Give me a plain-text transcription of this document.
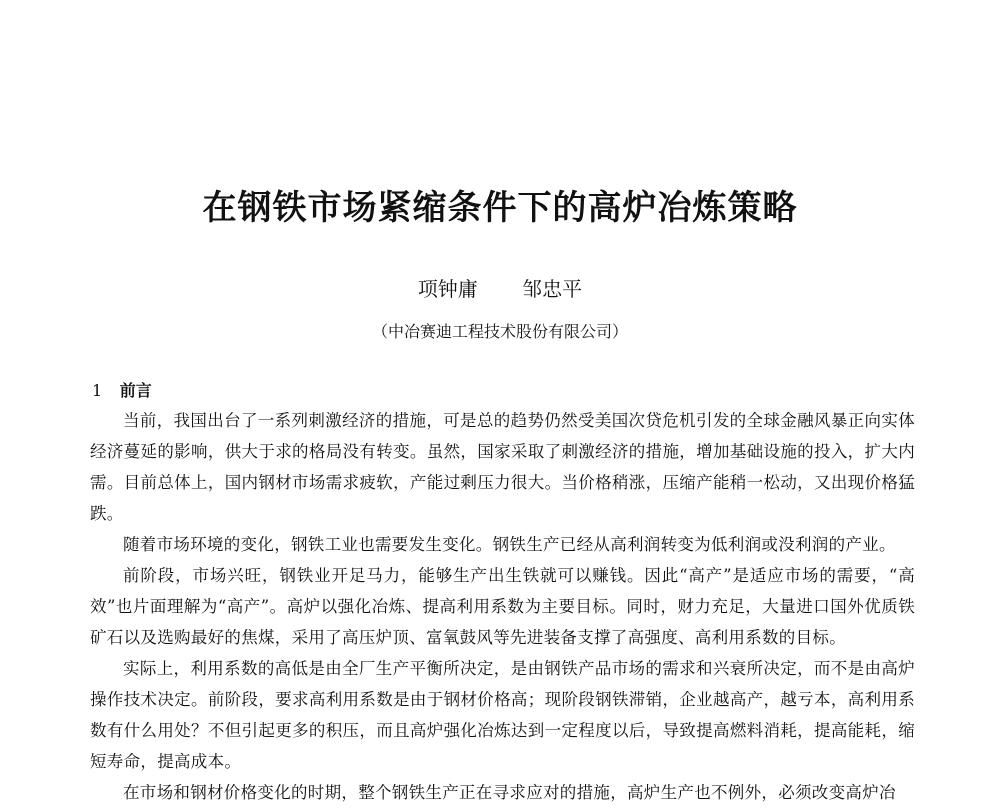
在钢铁市场紧缩条件下的高炉冶炼策略

项钟庸 邹忠平

（中冶赛迪工程技术股份有限公司）

1 前言

当前，我国出台了一系列刺激经济的措施，可是总的趋势仍然受美国次贷危机引发的全球金融风暴正向实体经济蔓延的影响，供大于求的格局没有转变。虽然，国家采取了刺激经济的措施，增加基础设施的投入，扩大内需。目前总体上，国内钢材市场需求疲软，产能过剩压力很大。当价格稍涨，压缩产能稍一松动，又出现价格猛跌。

随着市场环境的变化，钢铁工业也需要发生变化。钢铁生产已经从高利润转变为低利润或没利润的产业。

前阶段，市场兴旺，钢铁业开足马力，能够生产出生铁就可以赚钱。因此“高产”是适应市场的需要，“高效”也片面理解为“高产”。高炉以强化冶炼、提高利用系数为主要目标。同时，财力充足，大量进口国外优质铁矿石以及选购最好的焦煤，采用了高压炉顶、富氧鼓风等先进装备支撑了高强度、高利用系数的目标。

实际上，利用系数的高低是由全厂生产平衡所决定，是由钢铁产品市场的需求和兴衰所决定，而不是由高炉操作技术决定。前阶段，要求高利用系数是由于钢材价格高；现阶段钢铁滞销，企业越高产，越亏本，高利用系数有什么用处？不但引起更多的积压，而且高炉强化冶炼达到一定程度以后，导致提高燃料消耗，提高能耗，缩短寿命，提高成本。

在市场和钢材价格变化的时期，整个钢铁生产正在寻求应对的措施，高炉生产也不例外，必须改变高炉冶
